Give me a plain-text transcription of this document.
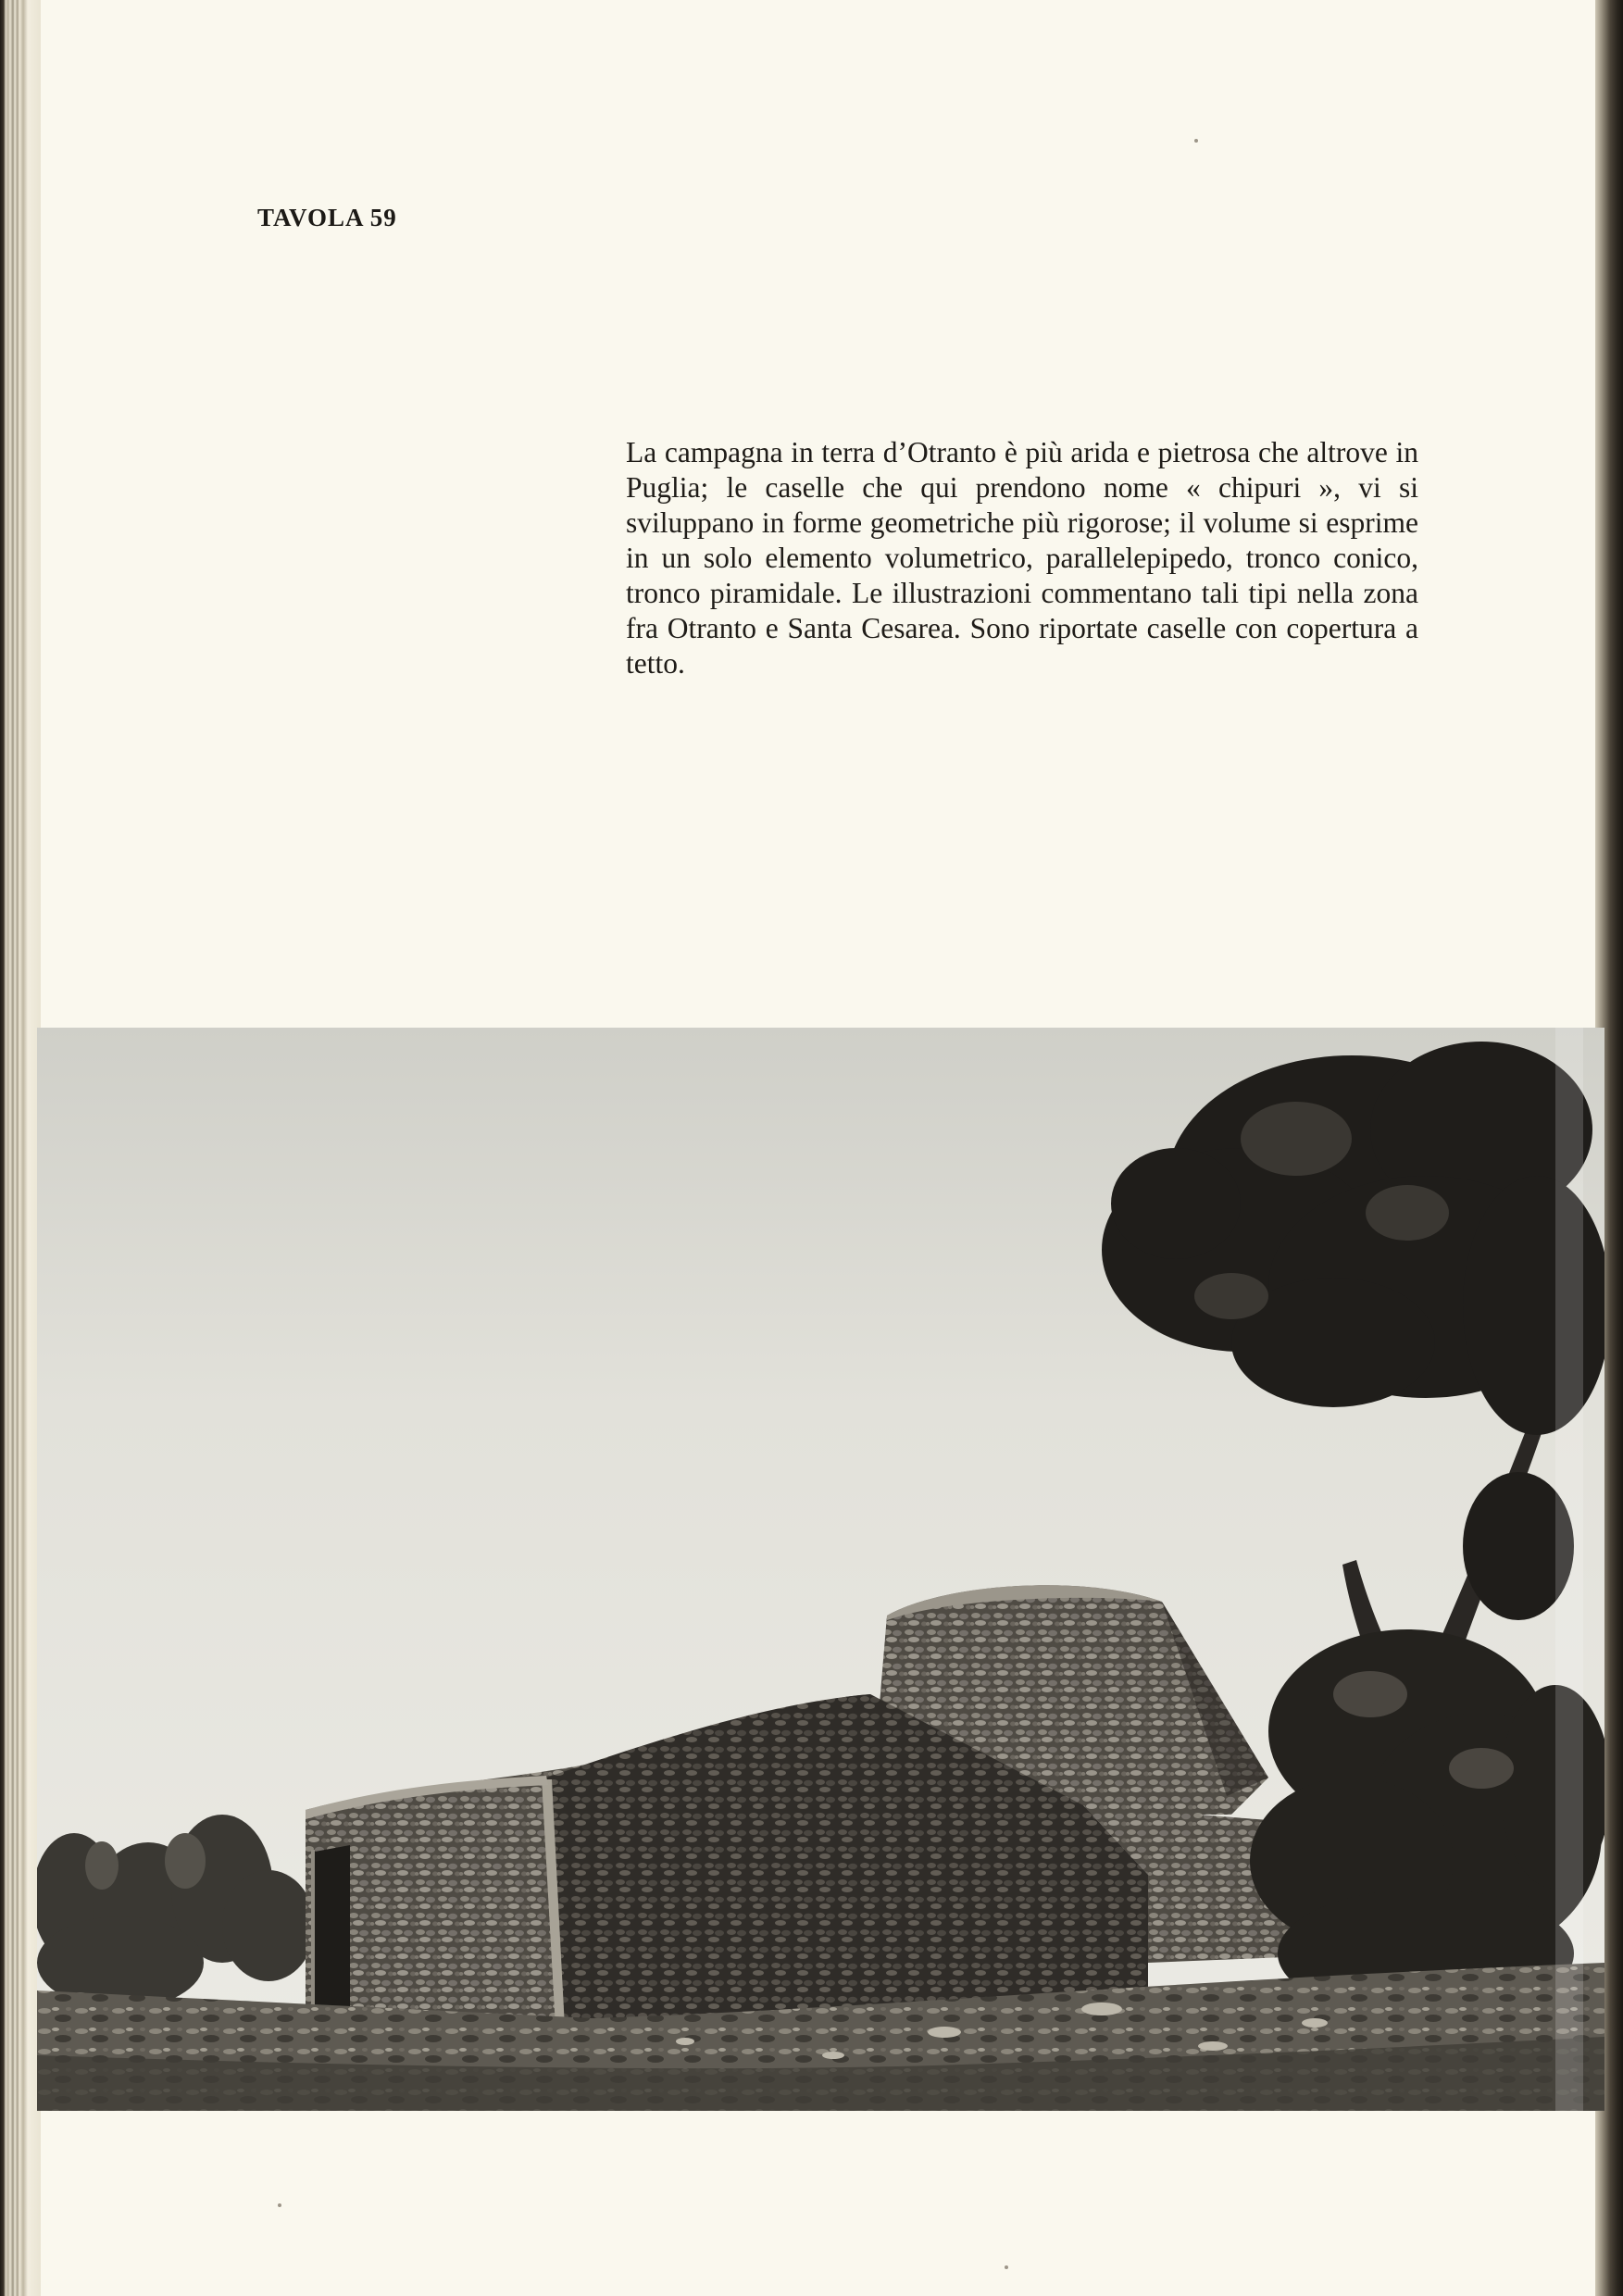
TAVOLA 59

La campagna in terra d’Otranto è più arida e pietrosa che altrove in Puglia; le caselle che qui prendono nome « chipuri », vi si sviluppano in forme geometriche più rigorose; il volume si esprime in un solo elemento volumetrico, parallelepipedo, tronco conico, tronco piramidale. Le illustrazioni commentano tali tipi nella zona fra Otranto e Santa Cesarea. Sono riportate caselle con copertura a tetto.
